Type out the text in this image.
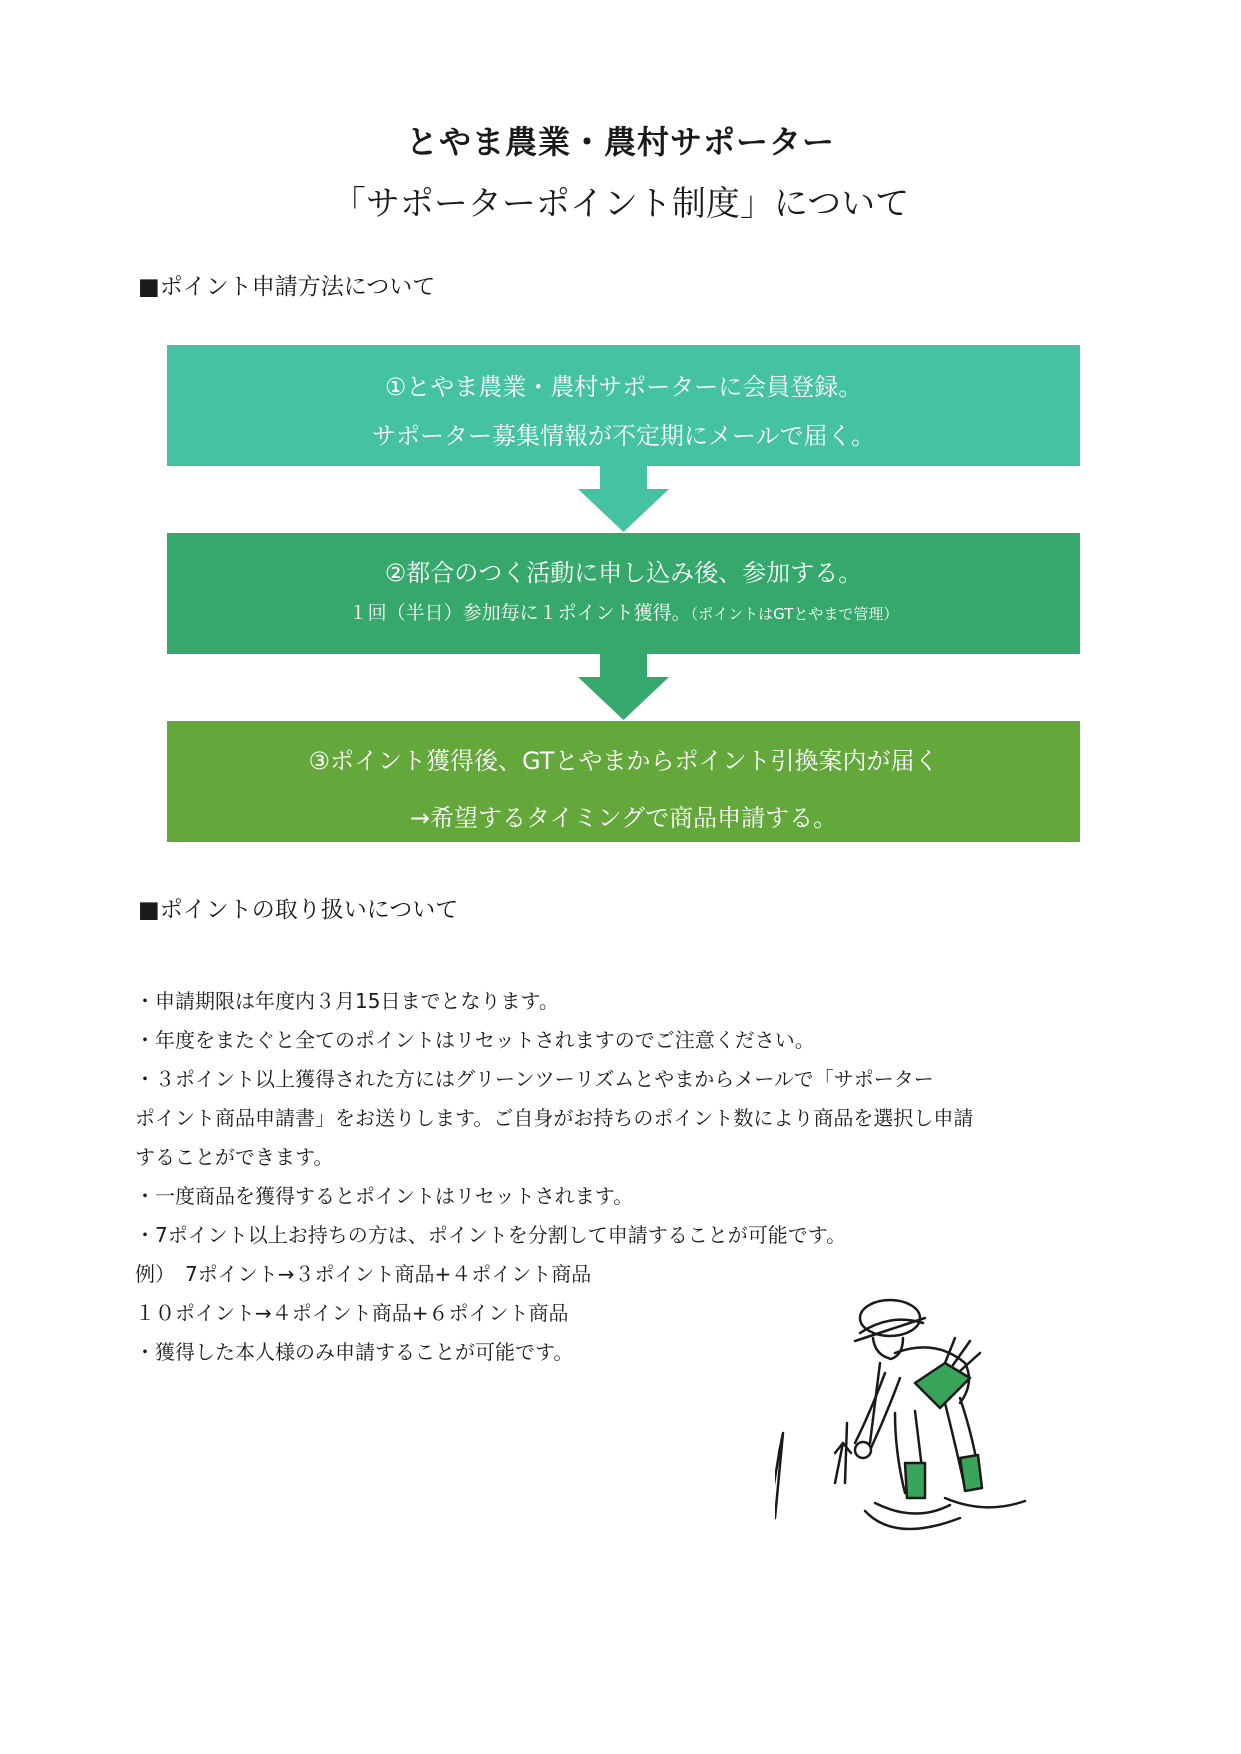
とやま農業・農村サポーター
「サポーターポイント制度」について
■ポイント申請方法について
①とやま農業・農村サポーターに会員登録。
サポーター募集情報が不定期にメールで届く。
②都合のつく活動に申し込み後、参加する。
１回（半日）参加毎に１ポイント獲得。（ポイントはGTとやまで管理）
③ポイント獲得後、GTとやまからポイント引換案内が届く
→希望するタイミングで商品申請する。
■ポイントの取り扱いについて
・申請期限は年度内３月15日までとなります。
・年度をまたぐと全てのポイントはリセットされますのでご注意ください。
・３ポイント以上獲得された方にはグリーンツーリズムとやまからメールで「サポーター
ポイント商品申請書」をお送りします。ご自身がお持ちのポイント数により商品を選択し申請
することができます。
・一度商品を獲得するとポイントはリセットされます。
・7ポイント以上お持ちの方は、ポイントを分割して申請することが可能です。
例）　7ポイント→３ポイント商品+４ポイント商品
１０ポイント→４ポイント商品+６ポイント商品
・獲得した本人様のみ申請することが可能です。
